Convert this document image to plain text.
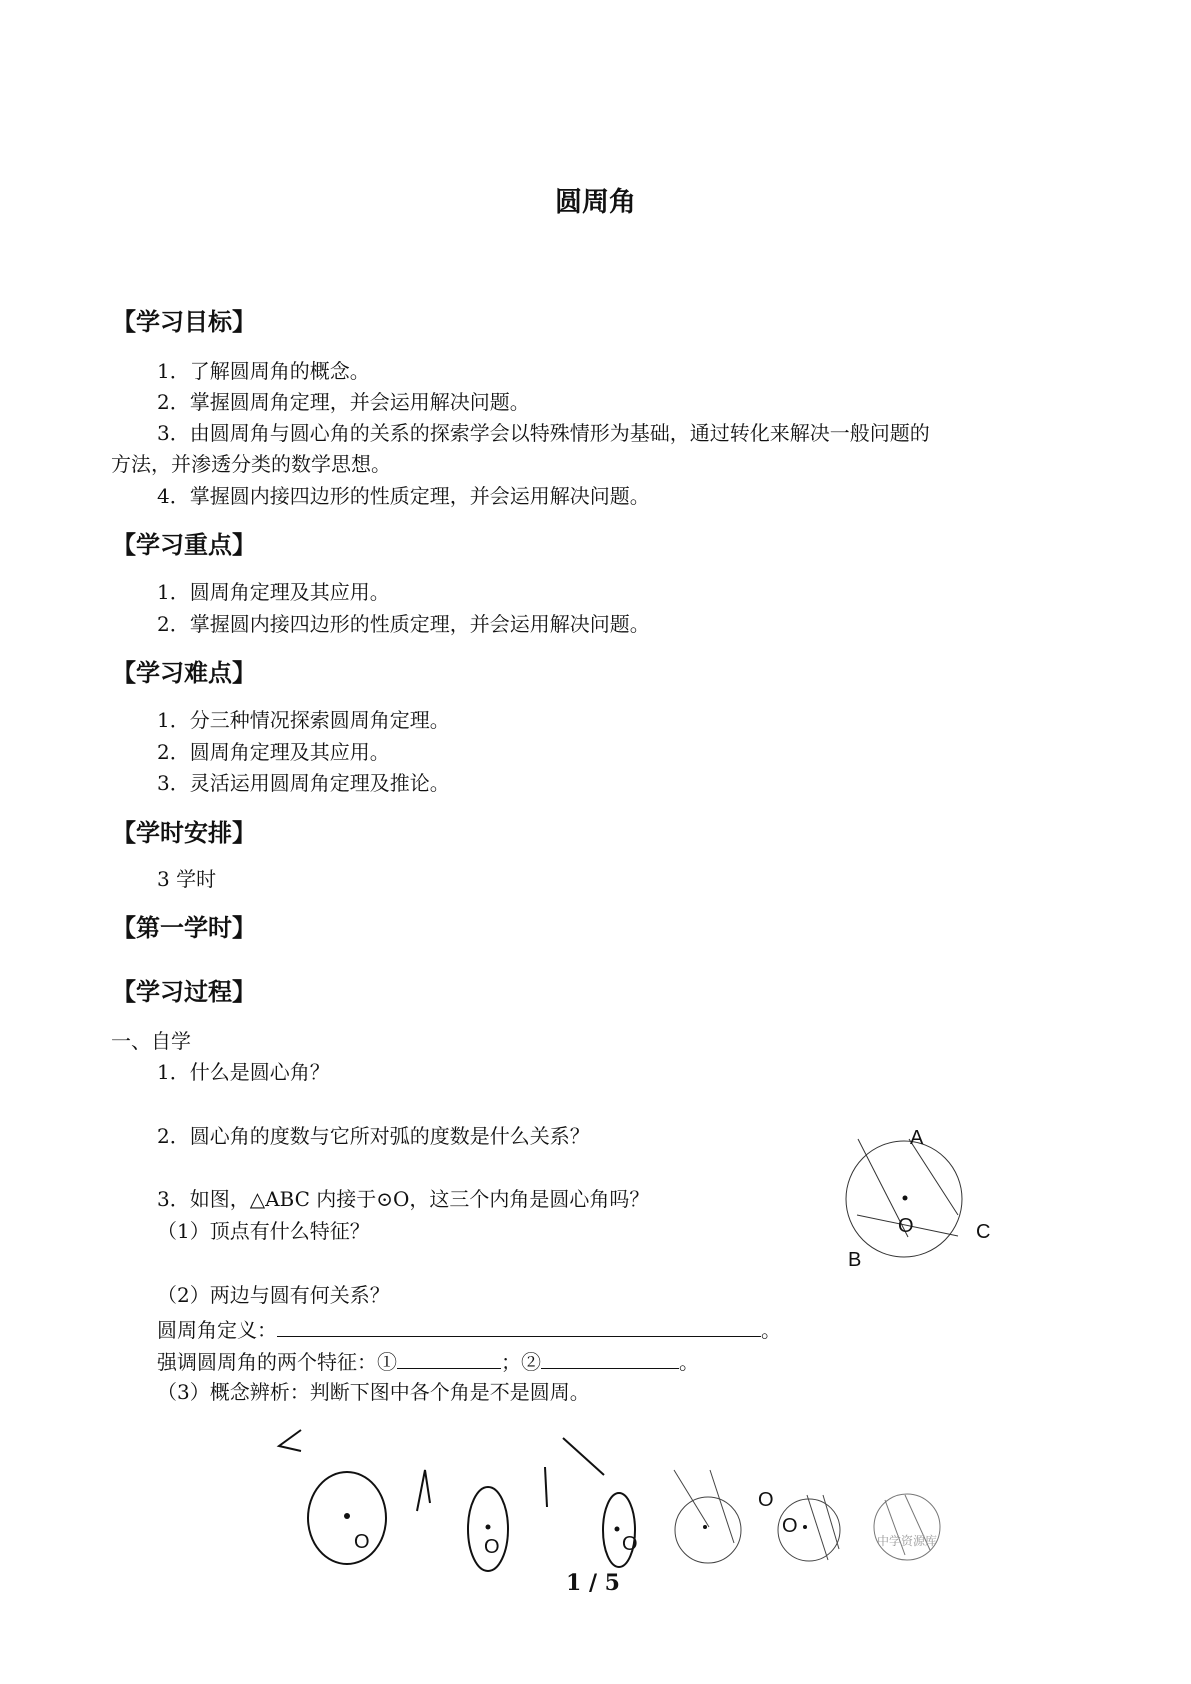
圆周角
【学习目标】
1．了解圆周角的概念。
2．掌握圆周角定理，并会运用解决问题。
3．由圆周角与圆心角的关系的探索学会以特殊情形为基础，通过转化来解决一般问题的
方法，并渗透分类的数学思想。
4．掌握圆内接四边形的性质定理，并会运用解决问题。
【学习重点】
1．圆周角定理及其应用。
2．掌握圆内接四边形的性质定理，并会运用解决问题。
【学习难点】
1．分三种情况探索圆周角定理。
2．圆周角定理及其应用。
3．灵活运用圆周角定理及推论。
【学时安排】
3 学时
【第一学时】
【学习过程】
一、自学
1．什么是圆心角？
2．圆心角的度数与它所对弧的度数是什么关系？
3．如图，△ABC 内接于⊙O，这三个内角是圆心角吗？
（1）顶点有什么特征？
（2）两边与圆有何关系？
圆周角定义：	。
强调圆周角的两个特征：①	；②	。
（3）概念辨析：判断下图中各个角是不是圆周。
A
B
C
O
O	O	O
O
O
中学资源库
1 / 5
